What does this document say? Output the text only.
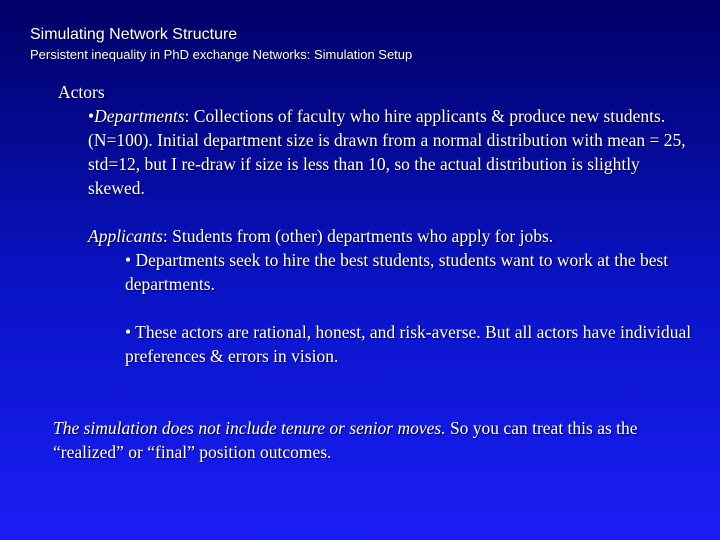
Simulating Network Structure
Persistent inequality in PhD exchange Networks: Simulation Setup
Actors
•Departments: Collections of faculty who hire applicants & produce new students. (N=100). Initial department size is drawn from a normal distribution with mean = 25, std=12, but I re-draw if size is less than 10, so the actual distribution is slightly skewed.
Applicants: Students from (other) departments who apply for jobs.
• Departments seek to hire the best students, students want to work at the best departments.
• These actors are rational, honest, and risk-averse. But all actors have individual preferences & errors in vision.
The simulation does not include tenure or senior moves. So you can treat this as the “realized” or “final” position outcomes.
